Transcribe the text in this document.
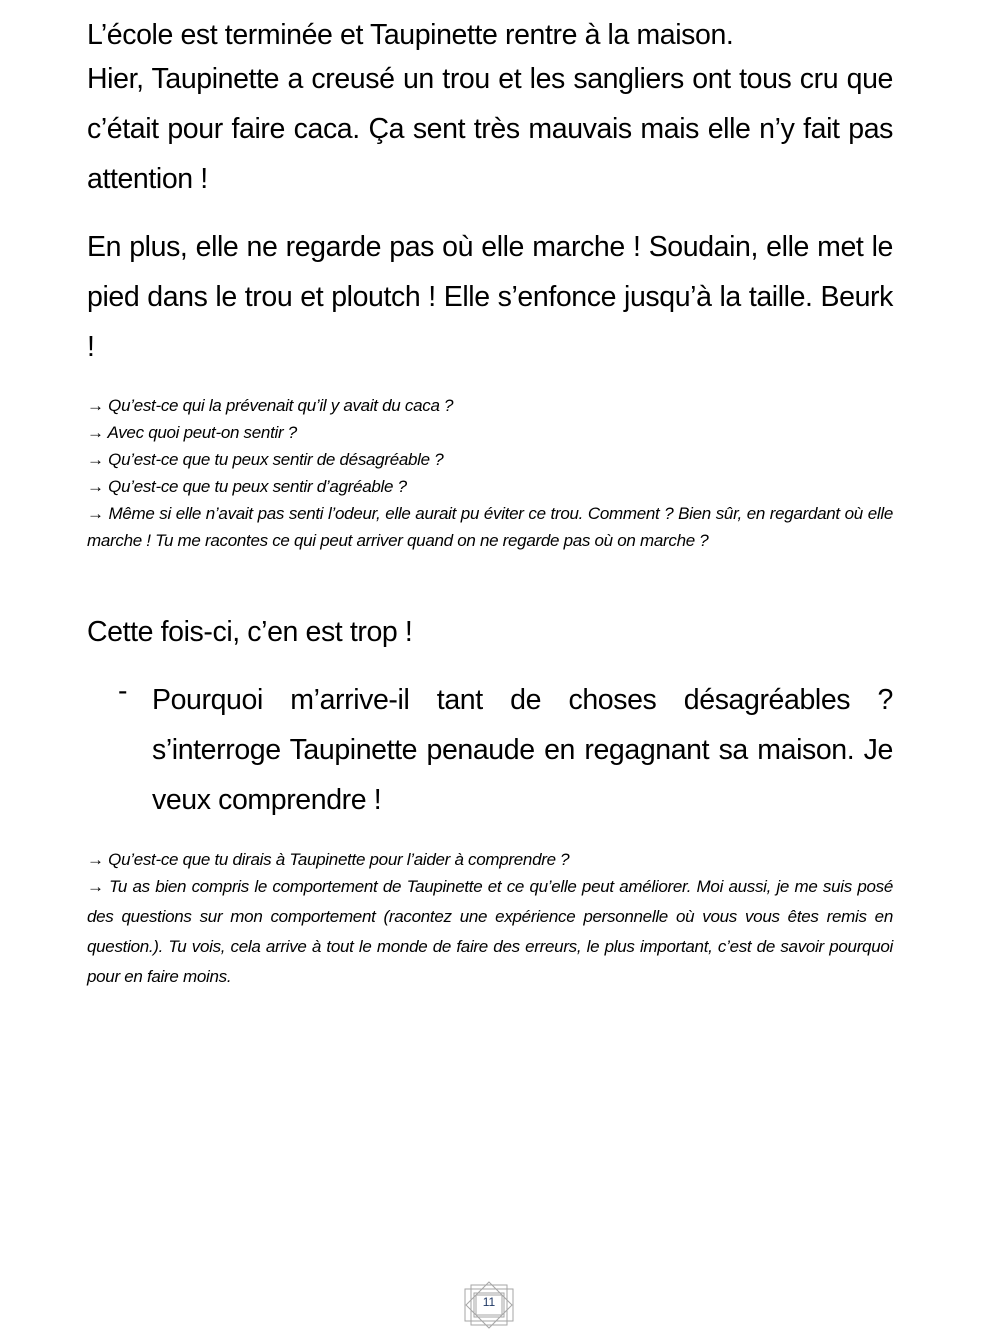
L’école est terminée et Taupinette rentre à la maison.

Hier, Taupinette a creusé un trou et les sangliers ont tous cru que c’était pour faire caca. Ça sent très mauvais mais elle n’y fait pas attention !

En plus, elle ne regarde pas où elle marche ! Soudain, elle met le pied dans le trou et ploutch ! Elle s’enfonce jusqu’à la taille. Beurk !

→ Qu’est-ce qui la prévenait qu’il y avait du caca ?
→ Avec quoi peut-on sentir ?
→ Qu’est-ce que tu peux sentir de désagréable ?
→ Qu’est-ce que tu peux sentir d’agréable ?
→ Même si elle n’avait pas senti l’odeur, elle aurait pu éviter ce trou. Comment ? Bien sûr, en regardant où elle marche ! Tu me racontes ce qui peut arriver quand on ne regarde pas où on marche ?

Cette fois-ci, c’en est trop !

- Pourquoi m’arrive-il tant de choses désagréables ? s’interroge Taupinette penaude en regagnant sa maison. Je veux comprendre !
→ Qu’est-ce que tu dirais à Taupinette pour l’aider à comprendre ?
→ Tu as bien compris le comportement de Taupinette et ce qu’elle peut améliorer. Moi aussi, je me suis posé des questions sur mon comportement (racontez une expérience personnelle où vous vous êtes remis en question.). Tu vois, cela arrive à tout le monde de faire des erreurs, le plus important, c’est de savoir pourquoi pour en faire moins.
11
